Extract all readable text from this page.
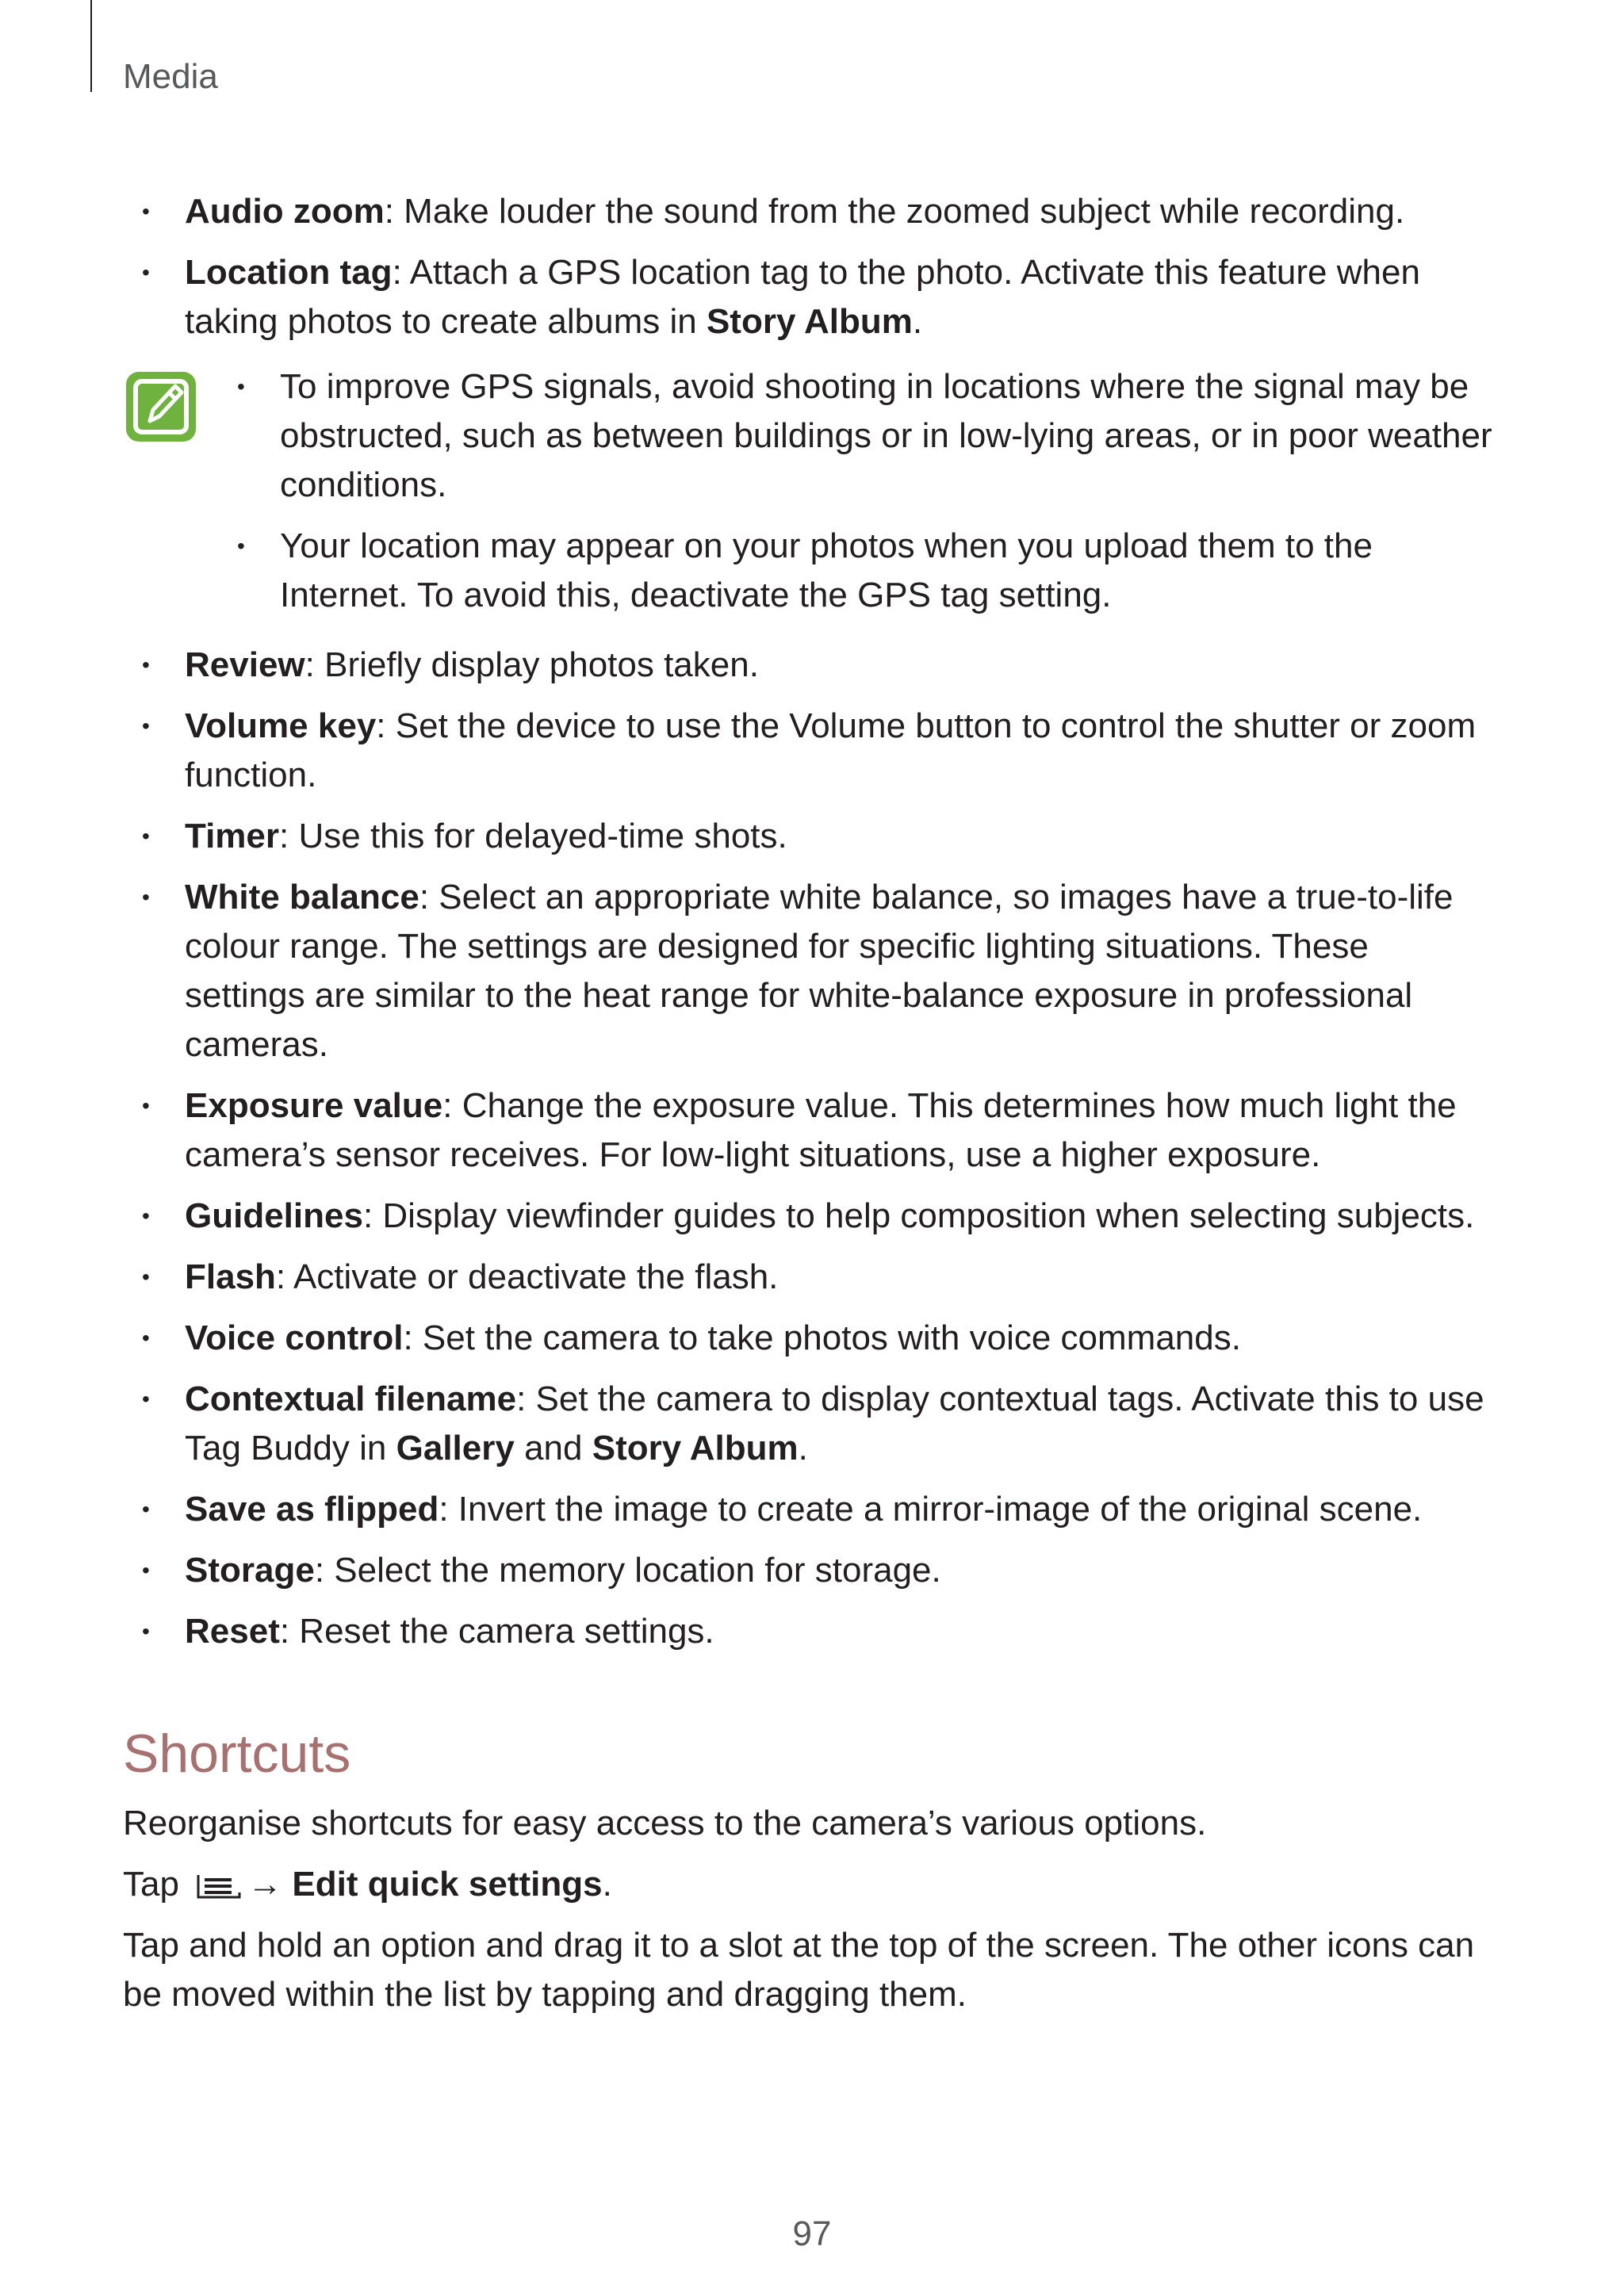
Media
• Audio zoom: Make louder the sound from the zoomed subject while recording.
• Location tag: Attach a GPS location tag to the photo. Activate this feature when taking photos to create albums in Story Album.
• To improve GPS signals, avoid shooting in locations where the signal may be obstructed, such as between buildings or in low-lying areas, or in poor weather conditions.
• Your location may appear on your photos when you upload them to the Internet. To avoid this, deactivate the GPS tag setting.
• Review: Briefly display photos taken.
• Volume key: Set the device to use the Volume button to control the shutter or zoom function.
• Timer: Use this for delayed-time shots.
• White balance: Select an appropriate white balance, so images have a true-to-life colour range. The settings are designed for specific lighting situations. These settings are similar to the heat range for white-balance exposure in professional cameras.
• Exposure value: Change the exposure value. This determines how much light the camera’s sensor receives. For low-light situations, use a higher exposure.
• Guidelines: Display viewfinder guides to help composition when selecting subjects.
• Flash: Activate or deactivate the flash.
• Voice control: Set the camera to take photos with voice commands.
• Contextual filename: Set the camera to display contextual tags. Activate this to use Tag Buddy in Gallery and Story Album.
• Save as flipped: Invert the image to create a mirror-image of the original scene.
• Storage: Select the memory location for storage.
• Reset: Reset the camera settings.
Shortcuts
Reorganise shortcuts for easy access to the camera’s various options.
Tap → Edit quick settings.
Tap and hold an option and drag it to a slot at the top of the screen. The other icons can be moved within the list by tapping and dragging them.
97
